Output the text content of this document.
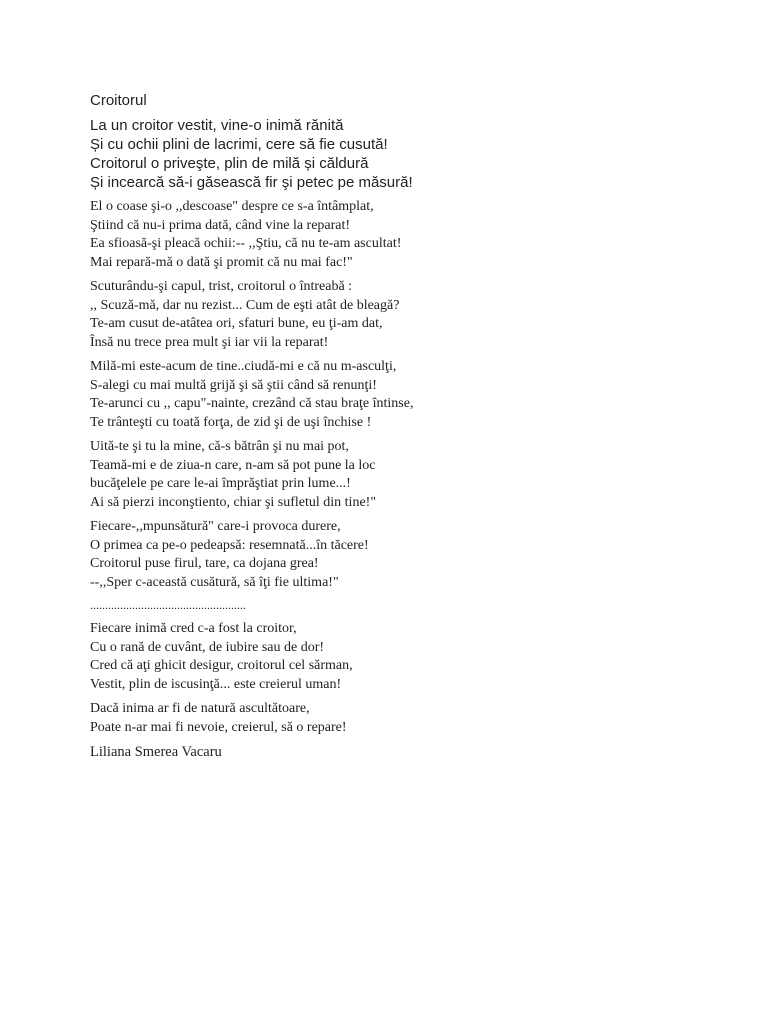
Croitorul
La un croitor vestit, vine-o inimă rănită
Și cu ochii plini de lacrimi, cere să fie cusută!
Croitorul o priveşte, plin de milă și căldură
Și incearcă să-i găsească fir şi petec pe măsură!
El o coase şi-o ,,descoase" despre ce s-a întâmplat,
Ştiind că nu-i prima dată, când vine la reparat!
Ea sfioasă-şi pleacă ochii:-- ,,Ştiu, că nu te-am ascultat!
Mai repară-mă o dată şi promit că nu mai fac!"
Scuturându-şi capul, trist, croitorul o întreabă :
,, Scuză-mă, dar nu rezist... Cum de eşti atât de bleagă?
Te-am cusut de-atâtea ori, sfaturi bune, eu ţi-am dat,
Însă nu trece prea mult şi iar vii la reparat!
Milă-mi este-acum de tine..ciudă-mi e că nu m-asculţi,
S-alegi cu mai multă grijă şi să ştii când să renunţi!
Te-arunci cu ,, capu"-nainte, crezând că stau braţe întinse,
Te trânteşti cu toată forţa, de zid şi de uşi închise !
Uită-te şi tu la mine, că-s bătrân şi nu mai pot,
Teamă-mi e de ziua-n care, n-am să pot pune la loc
bucăţelele pe care le-ai împrăştiat prin lume...!
Ai să pierzi inconştiento, chiar şi sufletul din tine!"
Fiecare-,,mpunsătură" care-i provoca durere,
O primea ca pe-o pedeapsă: resemnată...în tăcere!
Croitorul puse firul, tare, ca dojana grea!
--,,Sper c-această cusătură, să îţi fie ultima!"
....................................................
Fiecare inimă cred c-a fost la croitor,
Cu o rană de cuvânt, de iubire sau de dor!
Cred că aţi ghicit desigur, croitorul cel sărman,
Vestit, plin de iscusinţă... este creierul uman!
Dacă inima ar fi de natură ascultătoare,
Poate n-ar mai fi nevoie, creierul, să o repare!
Liliana Smerea Vacaru
